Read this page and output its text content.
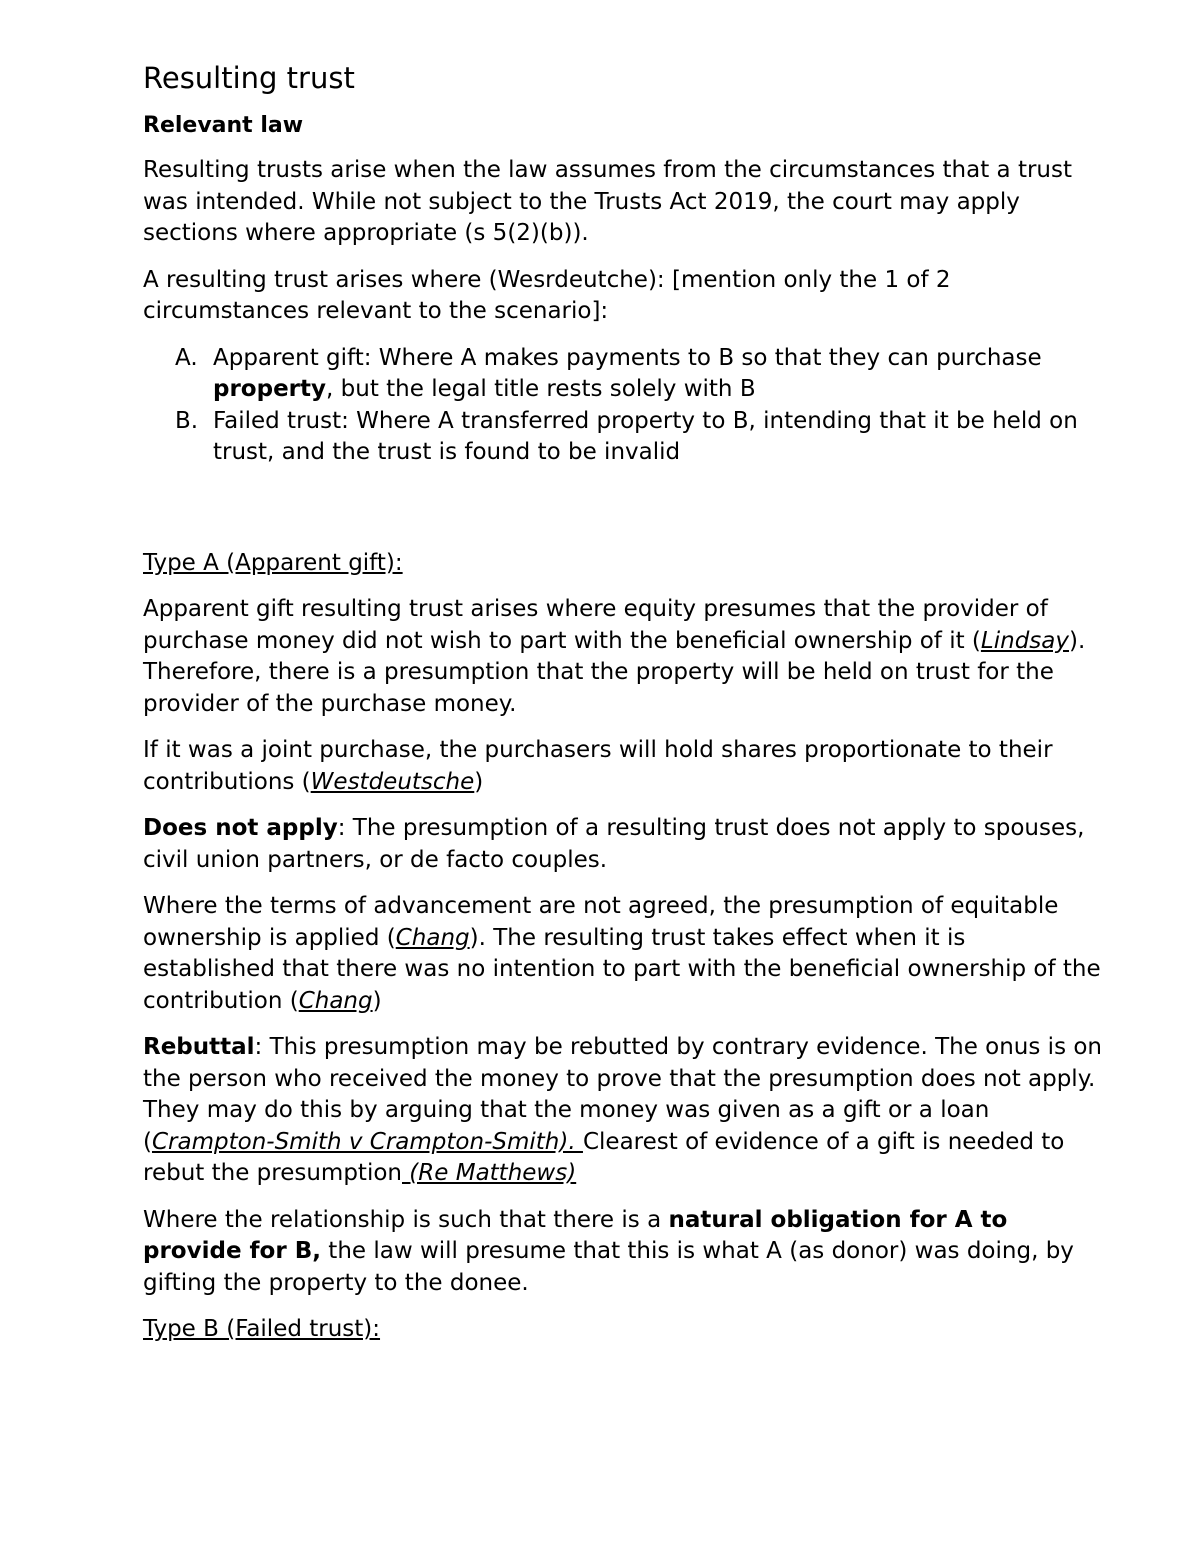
Resulting trust
Relevant law

Resulting trusts arise when the law assumes from the circumstances that a trust was intended. While not subject to the Trusts Act 2019, the court may apply sections where appropriate (s 5(2)(b)).

A resulting trust arises where (Wesrdeutche): [mention only the 1 of 2 circumstances relevant to the scenario]:

A. Apparent gift: Where A makes payments to B so that they can purchase property, but the legal title rests solely with B
B. Failed trust: Where A transferred property to B, intending that it be held on trust, and the trust is found to be invalid
Type A (Apparent gift):

Apparent gift resulting trust arises where equity presumes that the provider of purchase money did not wish to part with the beneficial ownership of it (Lindsay). Therefore, there is a presumption that the property will be held on trust for the provider of the purchase money.

If it was a joint purchase, the purchasers will hold shares proportionate to their contributions (Westdeutsche)

Does not apply: The presumption of a resulting trust does not apply to spouses, civil union partners, or de facto couples.

Where the terms of advancement are not agreed, the presumption of equitable ownership is applied (Chang). The resulting trust takes effect when it is established that there was no intention to part with the beneficial ownership of the contribution (Chang)

Rebuttal: This presumption may be rebutted by contrary evidence. The onus is on the person who received the money to prove that the presumption does not apply. They may do this by arguing that the money was given as a gift or a loan (Crampton-Smith v Crampton-Smith). Clearest of evidence of a gift is needed to rebut the presumption (Re Matthews)

Where the relationship is such that there is a natural obligation for A to provide for B, the law will presume that this is what A (as donor) was doing, by gifting the property to the donee.

Type B (Failed trust):
